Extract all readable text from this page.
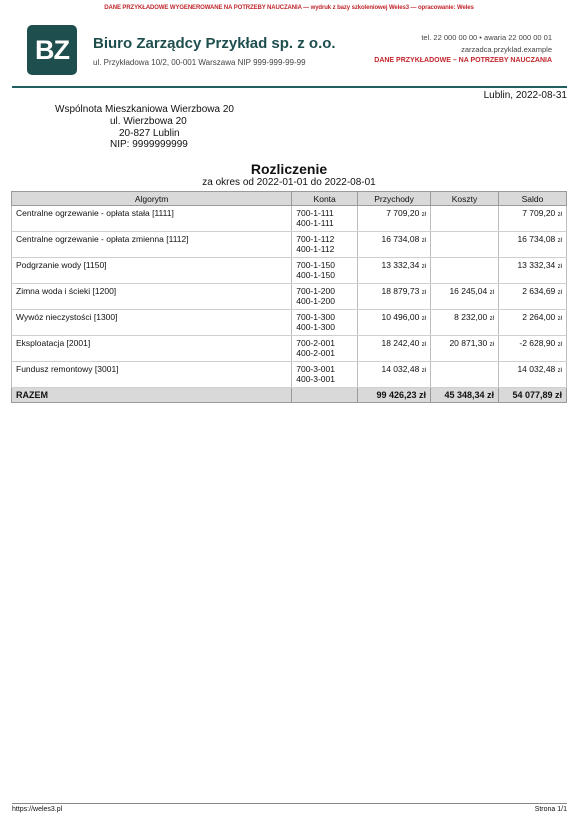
DANE PRZYKŁADOWE WYGENEROWANE NA POTRZEBY NAUCZANIA — wydruk z bazy szkoleniowej Weles3 — opracowanie: Weles
BZ	Biuro Zarządcy Przykład sp. z o.o.
ul. Przykładowa 10/2, 00-001 Warszawa NIP 999-999-99-99
tel. 22 000 00 00 • awaria 22 000 00 01
zarzadca.przyklad.example
DANE PRZYKŁADOWE – NA POTRZEBY NAUCZANIA
Lublin, 2022-08-31
Wspólnota Mieszkaniowa Wierzbowa 20
ul. Wierzbowa 20
20-827 Lublin
NIP: 9999999999
Rozliczenie
za okres od 2022-01-01 do 2022-08-01
Algorytm	Konta	Przychody	Koszty	Saldo
Centralne ogrzewanie - opłata stała [1111]	700-1-111
400-1-111	7 709,20 zł		7 709,20 zł
Centralne ogrzewanie - opłata zmienna [1112]	700-1-112
400-1-112	16 734,08 zł		16 734,08 zł
Podgrzanie wody [1150]	700-1-150
400-1-150	13 332,34 zł		13 332,34 zł
Zimna woda i ścieki [1200]	700-1-200
400-1-200	18 879,73 zł	16 245,04 zł	2 634,69 zł
Wywóz nieczystości [1300]	700-1-300
400-1-300	10 496,00 zł	8 232,00 zł	2 264,00 zł
Eksploatacja [2001]	700-2-001
400-2-001	18 242,40 zł	20 871,30 zł	-2 628,90 zł
Fundusz remontowy [3001]	700-3-001
400-3-001	14 032,48 zł		14 032,48 zł
RAZEM		99 426,23 zł	45 348,34 zł	54 077,89 zł
https://weles3.pl	Strona 1/1
